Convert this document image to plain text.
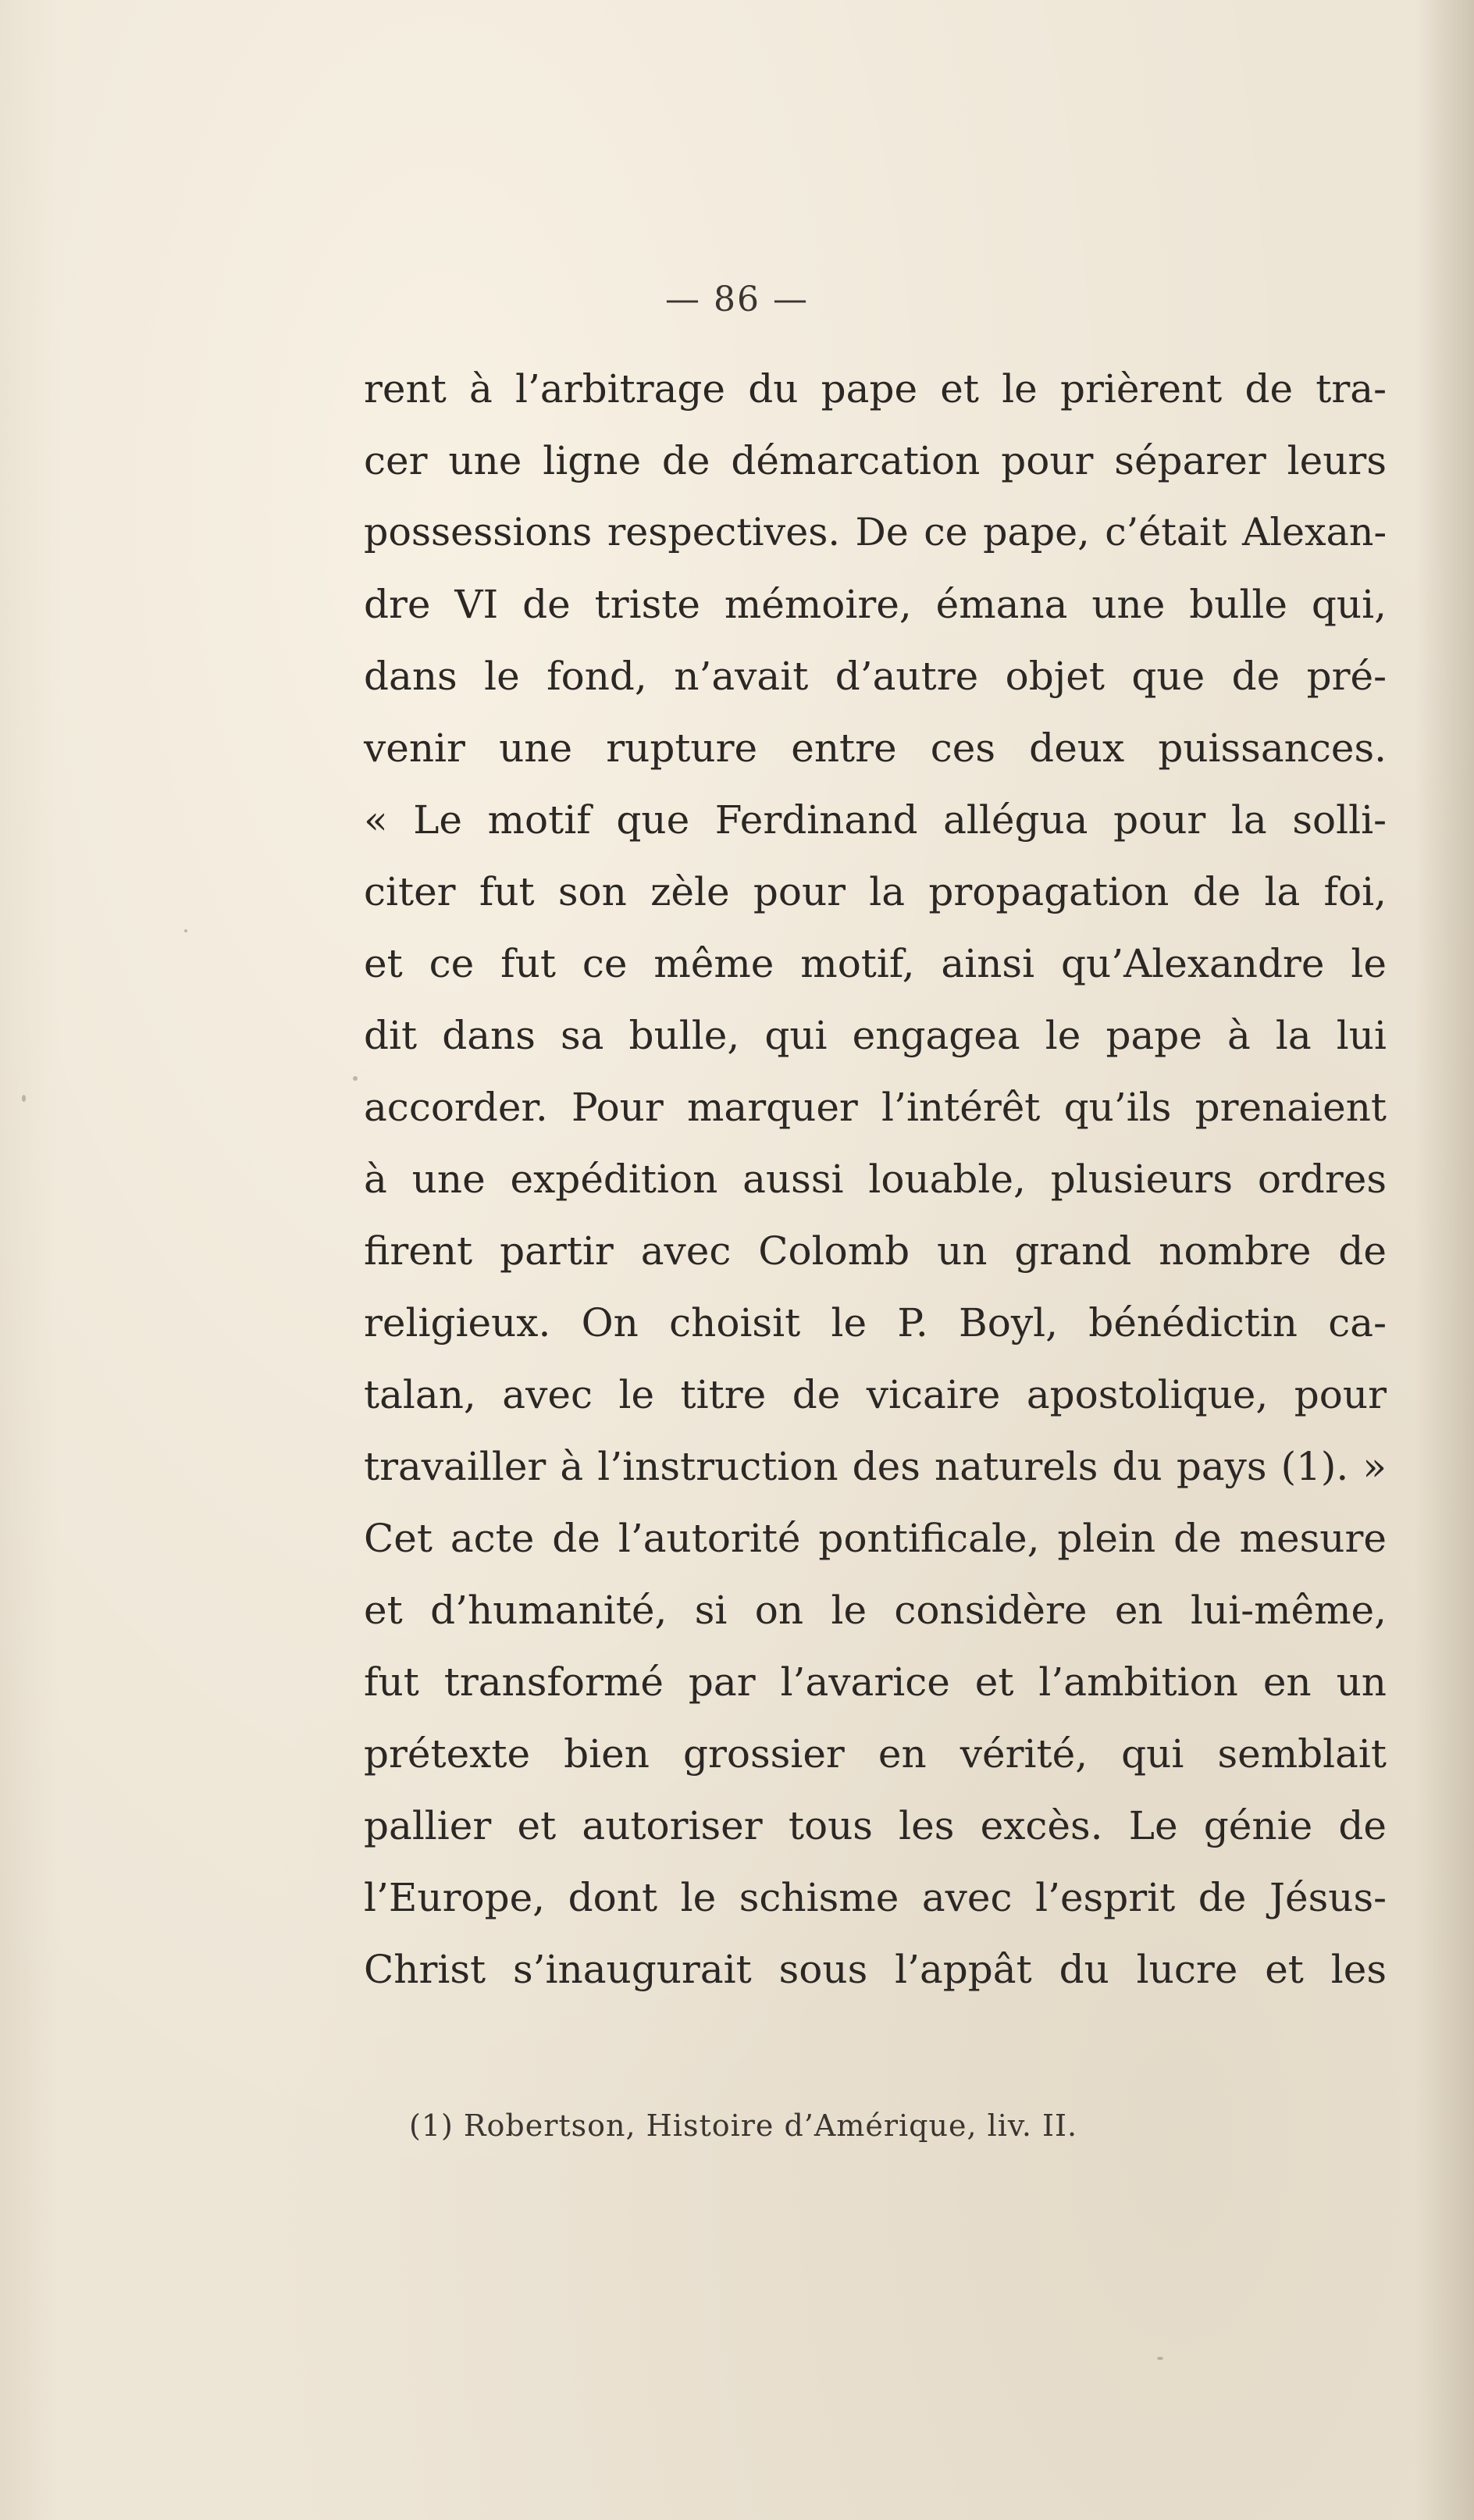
— 86 —
rent à l’arbitrage du pape et le prièrent de tra-
cer une ligne de démarcation pour séparer leurs
possessions respectives. De ce pape, c’était Alexan-
dre VI de triste mémoire, émana une bulle qui,
dans le fond, n’avait d’autre objet que de pré-
venir une rupture entre ces deux puissances.
« Le motif que Ferdinand allégua pour la solli-
citer fut son zèle pour la propagation de la foi,
et ce fut ce même motif, ainsi qu’Alexandre le
dit dans sa bulle, qui engagea le pape à la lui
accorder. Pour marquer l’intérêt qu’ils prenaient
à une expédition aussi louable, plusieurs ordres
firent partir avec Colomb un grand nombre de
religieux. On choisit le P. Boyl, bénédictin ca-
talan, avec le titre de vicaire apostolique, pour
travailler à l’instruction des naturels du pays (1). »
Cet acte de l’autorité pontificale, plein de mesure
et d’humanité, si on le considère en lui-même,
fut transformé par l’avarice et l’ambition en un
prétexte bien grossier en vérité, qui semblait
pallier et autoriser tous les excès. Le génie de
l’Europe, dont le schisme avec l’esprit de Jésus-
Christ s’inaugurait sous l’appât du lucre et les
(1) Robertson, Histoire d’Amérique, liv. II.
